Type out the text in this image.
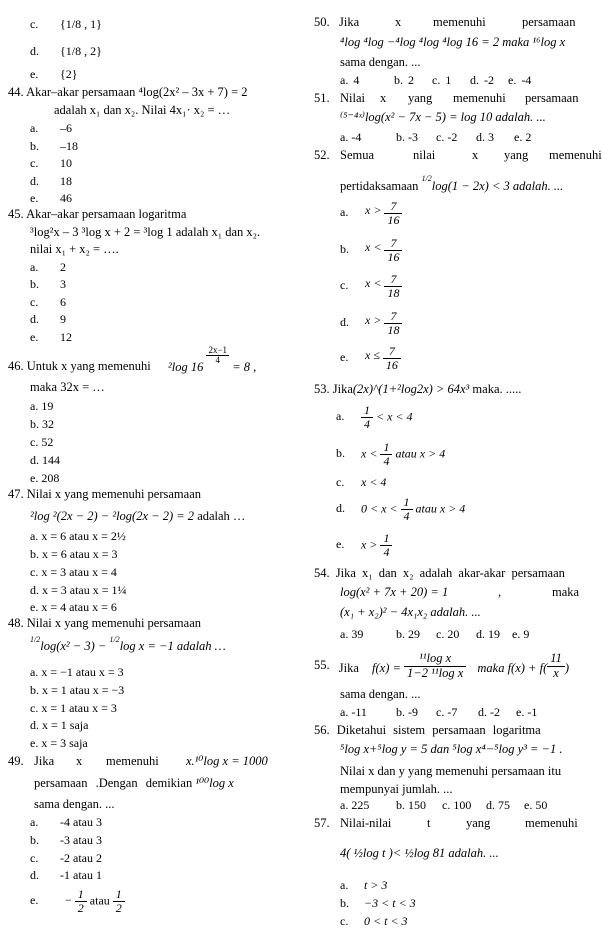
c. {1/8 , 1}
d. {1/8 , 2}
e. {2}
44. Akar–akar persamaan ⁴log(2x² – 3x + 7) = 2
adalah x₁ dan x₂. Nilai 4x₁· x₂ = …
a. –6
b. –18
c. 10
d. 18
e. 46
45. Akar–akar persamaan logaritma
³log²x – 3 ³log x + 2 = ³log 1 adalah x₁ dan x₂.
nilai x₁ + x₂ = ….
a. 2
b. 3
c. 6
d. 9
e. 12
46. Untuk x yang memenuhi ²log 16
$\frac{2x-1}{4}$
= 8 ,
maka 32x = …
a. 19
b. 32
c. 52
d. 144
e. 208
47. Nilai x yang memenuhi persamaan
²log ²(2x − 2) − ²log(2x − 2) = 2 adalah …
a. x = 6 atau x = 2½
b. x = 6 atau x = 3
c. x = 3 atau x = 4
d. x = 3 atau x = 1¼
e. x = 4 atau x = 6
48. Nilai x yang memenuhi persamaan
$^{1/2}$log(x² − 3) − $^{1/2}$log x = −1 adalah …
a. x = −1 atau x = 3
b. x = 1 atau x = −3
c. x = 1 atau x = 3
d. x = 1 saja
e. x = 3 saja
49. Jika x memenuhi x.¹⁰log x = 1000
persamaan .Dengan demikian ¹⁰⁰log x
sama dengan. ...
a. -4 atau 3
b. -3 atau 3
c. -2 atau 2
d. -1 atau 1
e. − $\frac{1}{2}$ atau $\frac{1}{2}$
50. Jika	x	memenuhi	persamaan
⁴log ⁴log −⁴log ⁴log ⁴log 16 = 2 maka ¹⁶log x
sama dengan. ...
a. 4	b. 2 c. 1 d. -2 e. -4
51. Nilai x yang memenuhi persamaan
⁽⁵⁻⁴ˣ⁾log(x² − 7x − 5) = log 10 adalah. ...
a. -4	b. -3 c. -2 d. 3 e. 2
52. Semua	nilai	x yang memenuhi
pertidaksamaan $^{1/2}$log(1 − 2x) < 3 adalah. ...
a. $x > \frac{7}{16}$
b. $x < \frac{7}{16}$
c. $x < \frac{7}{18}$
d. $x > \frac{7}{18}$
e. $x \le \frac{7}{16}$
53. Jika(2x)^(1+²log2x) > 64x³ maka. .....
a. $\frac{1}{4} < x < 4$
b. $x < \frac{1}{4}$ atau x > 4
c. x < 4
d. $0 < x < \frac{1}{4}$ atau x > 4
e. $x > \frac{1}{4}$
54. Jika x₁ dan x₂ adalah akar-akar persamaan
log(x² + 7x + 20) = 1	,	maka
(x₁ + x₂)² − 4x₁x₂ adalah. ...
a. 39	b. 29 c. 20 d. 19 e. 9
55. Jika $f(x) = \frac{\text{¹¹log x}}{\text{1−2 ¹¹log x}}$ maka $f(x) + f( \frac{11}{x}$ )
sama dengan. ...
a. -11 b. -9 c. -7 d. -2 e. -1
56. Diketahui sistem persamaan logaritma
⁵log x+⁵log y = 5 dan ⁵log x⁴−⁵log y³ = −1 .
Nilai x dan y yang memenuhi persamaan itu
mempunyai jumlah. ...
a. 225 b. 150 c. 100 d. 75 e. 50
57. Nilai-nilai	t	yang	memenuhi
4( ½log t )< ½log 81 adalah. ...
a. t > 3
b. −3 < t < 3
c. 0 < t < 3
